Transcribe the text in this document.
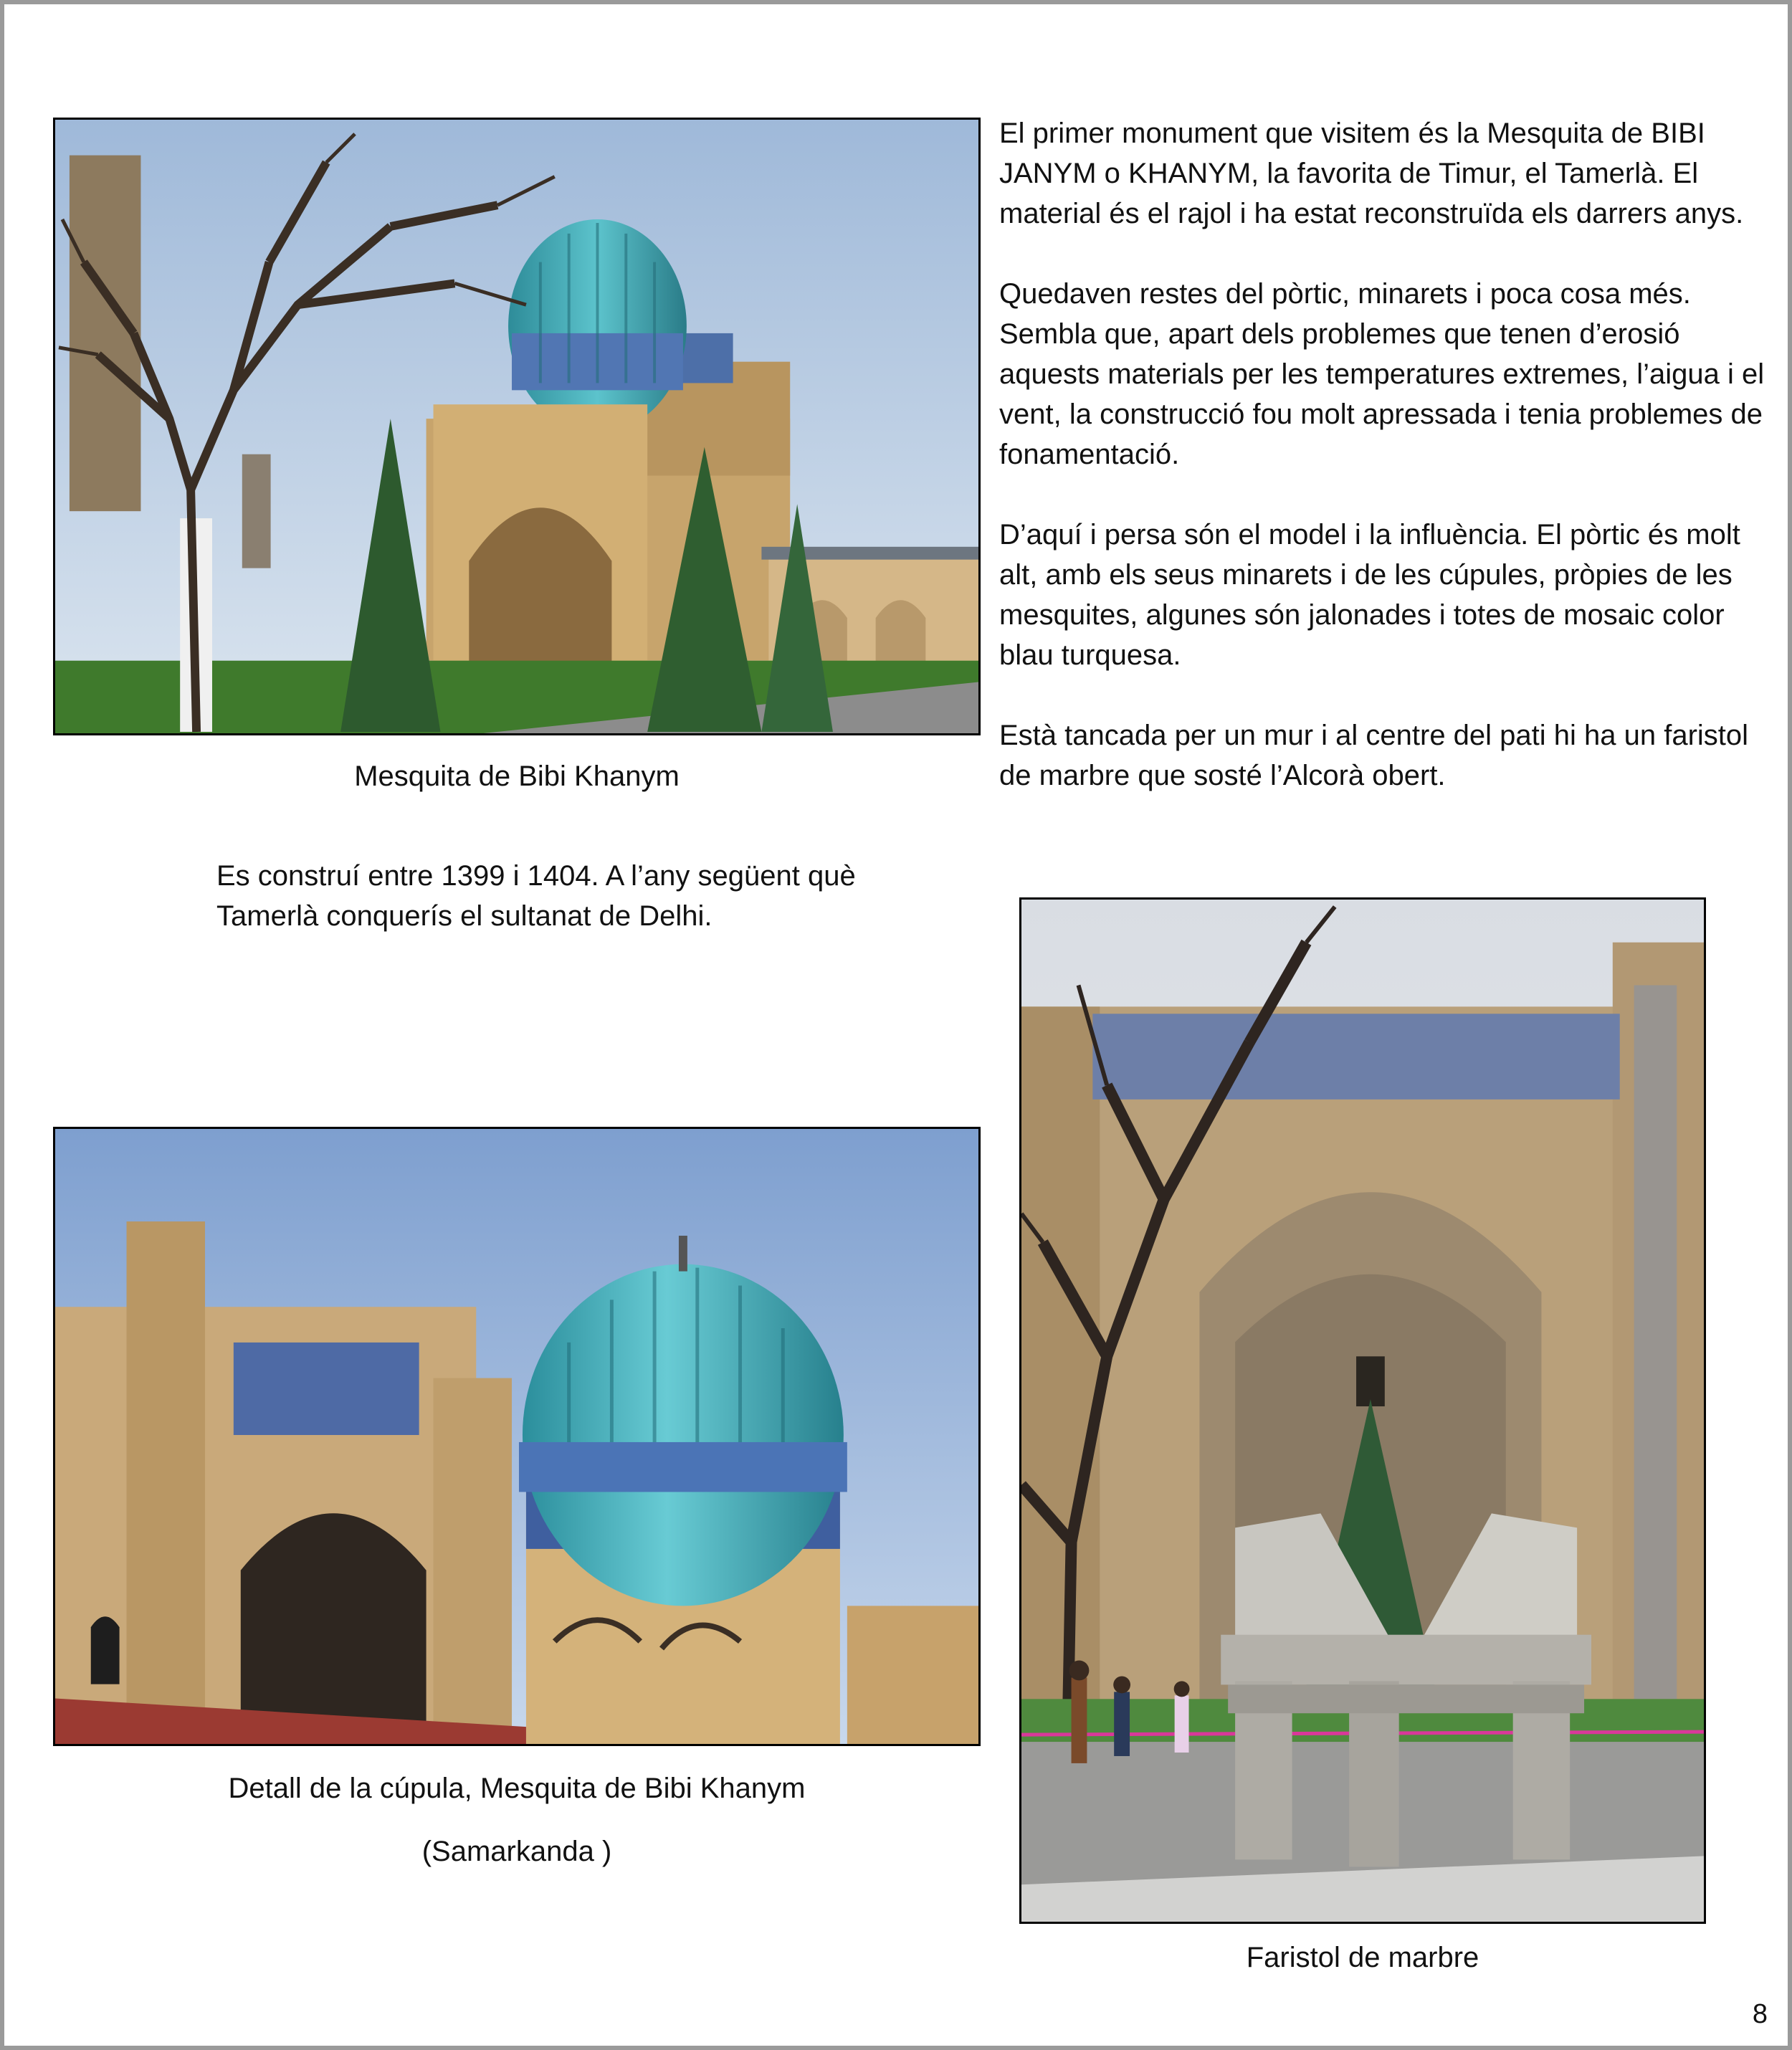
Mesquita de Bibi Khanym
Es construí entre 1399 i 1404. A l’any següent què Tamerlà conquerís el sultanat de Delhi.

El primer monument que visitem és la Mesquita de BIBI JANYM o KHANYM, la favorita de Timur, el Tamerlà. El material és el rajol i ha estat reconstruïda els darrers anys.

Quedaven restes del pòrtic, minarets i poca cosa més. Sembla que, apart dels problemes que tenen d’erosió aquests materials per les temperatures extremes, l’aigua i el vent, la construcció fou molt apressada i tenia problemes de fonamentació.

D’aquí i persa són el model i la influència. El pòrtic és molt alt, amb els seus minarets i de les cúpules, pròpies de les mesquites, algunes són jalonades i totes de mosaic color blau turquesa.

Està tancada per un mur i al centre del pati hi ha un faristol de marbre que sosté l’Alcorà obert.

Detall de la cúpula, Mesquita de Bibi Khanym
(Samarkanda )
Faristol de marbre
8
